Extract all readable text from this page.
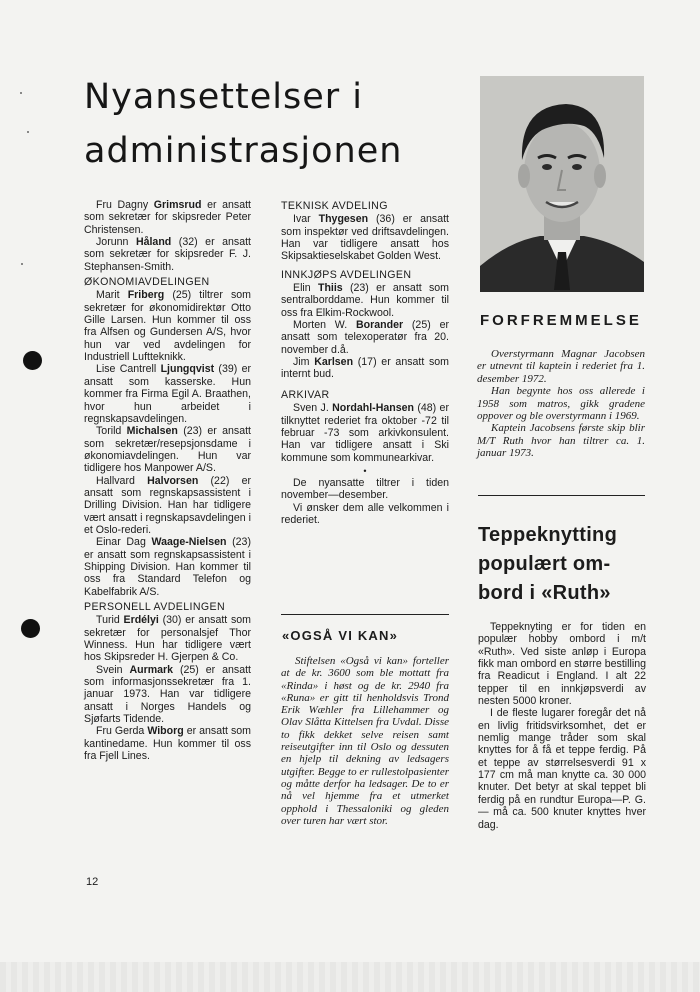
Nyansettelser i
administrasjonen

Fru Dagny Grimsrud er ansatt som sekretær for skipsreder Peter Christensen.

Jorunn Håland (32) er ansatt som sekretær for skipsreder F. J. Stephansen-Smith.

ØKONOMIAVDELINGEN

Marit Friberg (25) tiltrer som sekretær for økonomidirektør Otto Gille Larsen. Hun kommer til oss fra Alfsen og Gundersen A/S, hvor hun var ved avdelingen for Industriell Luftteknikk.

Lise Cantrell Ljungqvist (39) er ansatt som kasserske. Hun kommer fra Firma Egil A. Braathen, hvor hun arbeidet i regnskapsavdelingen.

Torild Michalsen (23) er ansatt som sekretær/resepsjonsdame i økonomiavdelingen. Hun var tidligere hos Manpower A/S.

Hallvard Halvorsen (22) er ansatt som regnskapsassistent i Drilling Division. Han har tidligere vært ansatt i regnskapsavdelingen i et Oslo-rederi.

Einar Dag Waage-Nielsen (23) er ansatt som regnskapsassistent i Shipping Division. Han kommer til oss fra Standard Telefon og Kabelfabrik A/S.

PERSONELL AVDELINGEN

Turid Erdélyi (30) er ansatt som sekretær for personalsjef Thor Winness. Hun har tidligere vært hos Skipsreder H. Gjerpen & Co.

Svein Aurmark (25) er ansatt som informasjonssekretær fra 1. januar 1973. Han var tidligere ansatt i Norges Handels og Sjøfarts Tidende.

Fru Gerda Wiborg er ansatt som kantinedame. Hun kommer til oss fra Fjell Lines.

TEKNISK AVDELING

Ivar Thygesen (36) er ansatt som inspektør ved driftsavdelingen. Han var tidligere ansatt hos Skipsaktieselskabet Golden West.

INNKJØPS AVDELINGEN

Elin Thiis (23) er ansatt som sentralborddame. Hun kommer til oss fra Elkim-Rockwool.

Morten W. Borander (25) er ansatt som telexoperatør fra 20. november d.å.

Jim Karlsen (17) er ansatt som internt bud.

ARKIVAR

Sven J. Nordahl-Hansen (48) er tilknyttet rederiet fra oktober -72 til februar -73 som arkivkonsulent. Han var tidligere ansatt i Ski kommune som kommunearkivar.

•

De nyansatte tiltrer i tiden november—desember.

Vi ønsker dem alle velkommen i rederiet.

«OGSÅ VI KAN»

Stiftelsen «Også vi kan» forteller at de kr. 3600 som ble mottatt fra «Rinda» i høst og de kr. 2940 fra «Runa» er gitt til henholdsvis Trond Erik Wæhler fra Lillehammer og Olav Slåtta Kittelsen fra Uvdal. Disse to fikk dekket selve reisen samt reiseutgifter inn til Oslo og dessuten en hjelp til dekning av ledsagers utgifter. Begge to er rullestolpasienter og måtte derfor ha ledsager. De to er nå vel hjemme fra et utmerket opphold i Thessaloniki og gleden over turen har vært stor.

FORFREMMELSE

Overstyrmann Magnar Jacobsen er utnevnt til kaptein i rederiet fra 1. desember 1972.

Han begynte hos oss allerede i 1958 som matros, gikk gradene oppover og ble overstyrmann i 1969.

Kaptein Jacobsens første skip blir M/T Ruth hvor han tiltrer ca. 1. januar 1973.

Teppeknytting
populært om-
bord i «Ruth»

Teppeknyting er for tiden en populær hobby ombord i m/t «Ruth». Ved siste anløp i Europa fikk man ombord en større bestilling fra Readicut i England. I alt 22 tepper til en innkjøpsverdi av nesten 5000 kroner.

I de fleste lugarer foregår det nå en livlig fritidsvirksomhet, det er nemlig mange tråder som skal knyttes for å få et teppe ferdig. På et teppe av størrelsesverdi 91 x 177 cm må man knytte ca. 30 000 knuter. Det betyr at skal teppet bli ferdig på en rundtur Europa—P. G. — må ca. 500 knuter knyttes hver dag.

12
